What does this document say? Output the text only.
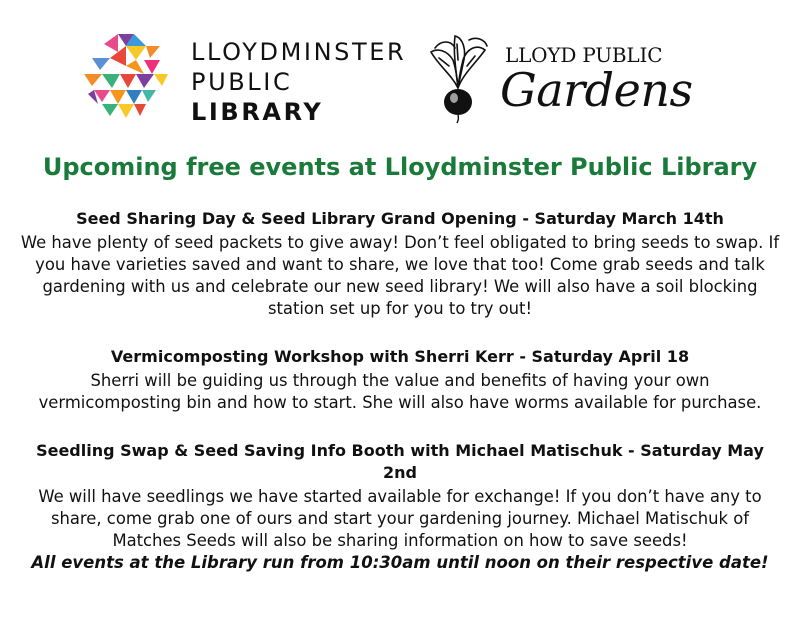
LLOYDMINSTER
PUBLIC
LIBRARY
LLOYD PUBLIC
Gardens
Upcoming free events at Lloydminster Public Library
Seed Sharing Day & Seed Library Grand Opening - Saturday March 14th
We have plenty of seed packets to give away! Don’t feel obligated to bring seeds to swap. If you have varieties saved and want to share, we love that too! Come grab seeds and talk gardening with us and celebrate our new seed library! We will also have a soil blocking station set up for you to try out!
Vermicomposting Workshop with Sherri Kerr - Saturday April 18
Sherri will be guiding us through the value and benefits of having your own vermicomposting bin and how to start. She will also have worms available for purchase.
Seedling Swap & Seed Saving Info Booth with Michael Matischuk - Saturday May 2nd
We will have seedlings we have started available for exchange! If you don’t have any to share, come grab one of ours and start your gardening journey. Michael Matischuk of Matches Seeds will also be sharing information on how to save seeds!
All events at the Library run from 10:30am until noon on their respective date!
